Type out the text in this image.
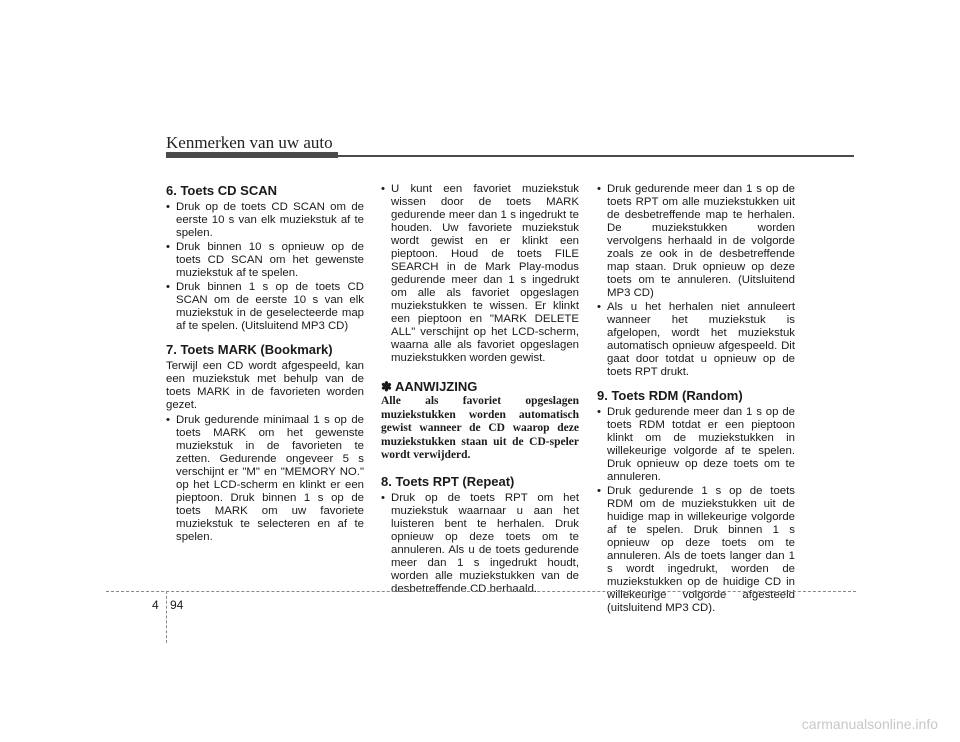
Kenmerken van uw auto
6. Toets CD SCAN
• Druk op de toets CD SCAN om de eerste 10 s van elk muziekstuk af te spelen.
• Druk binnen 10 s opnieuw op de toets CD SCAN om het gewenste muziekstuk af te spelen.
• Druk binnen 1 s op de toets CD SCAN om de eerste 10 s van elk muziekstuk in de geselecteerde map af te spelen. (Uitsluitend MP3 CD)
7. Toets MARK (Bookmark)

Terwijl een CD wordt afgespeeld, kan een muziekstuk met behulp van de toets MARK in de favorieten worden gezet.

• Druk gedurende minimaal 1 s op de toets MARK om het gewenste muziekstuk in de favorieten te zetten. Gedurende ongeveer 5 s verschijnt er "M" en "MEMORY NO." op het LCD-scherm en klinkt er een pieptoon. Druk binnen 1 s op de toets MARK om uw favoriete muziekstuk te selecteren en af te spelen.
• U kunt een favoriet muziekstuk wissen door de toets MARK gedurende meer dan 1 s ingedrukt te houden. Uw favoriete muziekstuk wordt gewist en er klinkt een pieptoon. Houd de toets FILE SEARCH in de Mark Play-modus gedurende meer dan 1 s ingedrukt om alle als favoriet opgeslagen muziekstukken te wissen. Er klinkt een pieptoon en "MARK DELETE ALL" verschijnt op het LCD-scherm, waarna alle als favoriet opgeslagen muziekstukken worden gewist.
✽ AANWIJZING
Alle als favoriet opgeslagen muziekstukken worden automatisch gewist wanneer de CD waarop deze muziekstukken staan uit de CD-speler wordt verwijderd.
8. Toets RPT (Repeat)
• Druk op de toets RPT om het muziekstuk waarnaar u aan het luisteren bent te herhalen. Druk opnieuw op deze toets om te annuleren. Als u de toets gedurende meer dan 1 s ingedrukt houdt, worden alle muziekstukken van de desbetreffende CD herhaald.
• Druk gedurende meer dan 1 s op de toets RPT om alle muziekstukken uit de desbetreffende map te herhalen. De muziekstukken worden vervolgens herhaald in de volgorde zoals ze ook in de desbetreffende map staan. Druk opnieuw op deze toets om te annuleren. (Uitsluitend MP3 CD)
• Als u het herhalen niet annuleert wanneer het muziekstuk is afgelopen, wordt het muziekstuk automatisch opnieuw afgespeeld. Dit gaat door totdat u opnieuw op de toets RPT drukt.
9. Toets RDM (Random)
• Druk gedurende meer dan 1 s op de toets RDM totdat er een pieptoon klinkt om de muziekstukken in willekeurige volgorde af te spelen. Druk opnieuw op deze toets om te annuleren.
• Druk gedurende 1 s op de toets RDM om de muziekstukken uit de huidige map in willekeurige volgorde af te spelen. Druk binnen 1 s opnieuw op deze toets om te annuleren. Als de toets langer dan 1 s wordt ingedrukt, worden de muziekstukken op de huidige CD in willekeurige volgorde afgesteeld (uitsluitend MP3 CD).
4 94
carmanualsonline.info
